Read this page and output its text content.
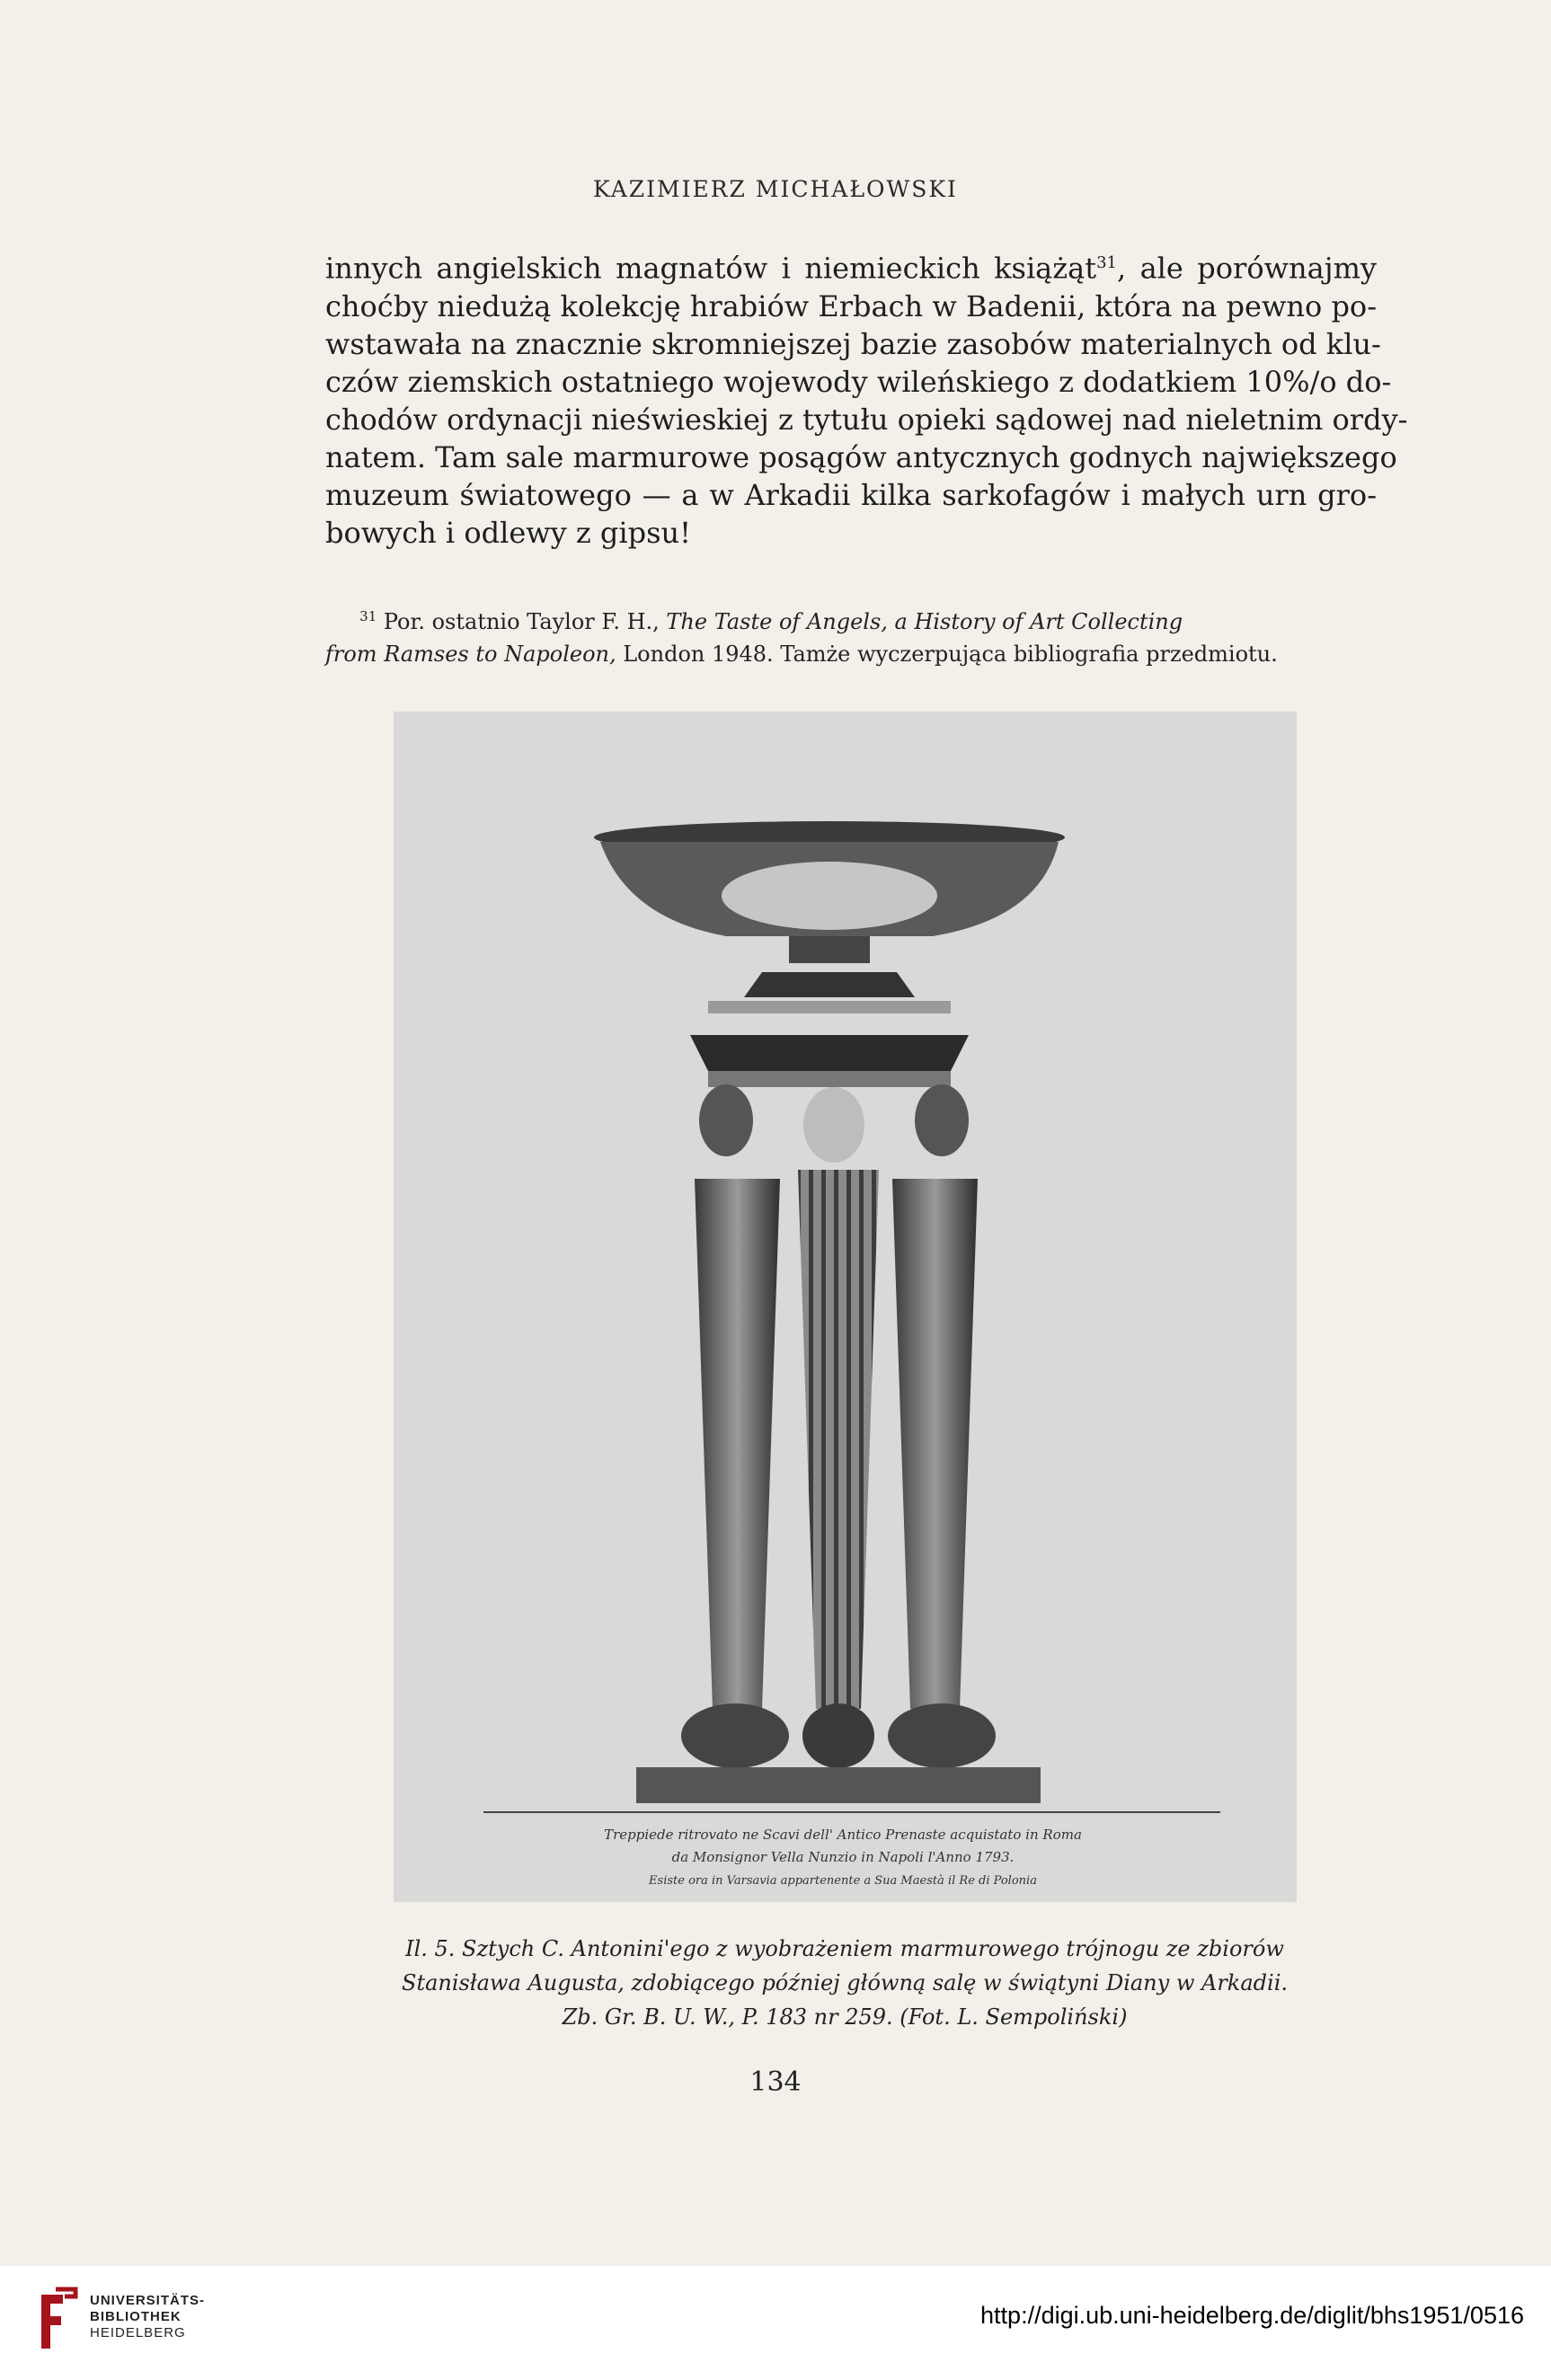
KAZIMIERZ MICHAŁOWSKI
innych angielskich magnatów i niemieckich książąt$^{31}$, ale porównajmy
choćby niedużą kolekcję hrabiów Erbach w Badenii, która na pewno po-
wstawała na znacznie skromniejszej bazie zasobów materialnych od klu-
czów ziemskich ostatniego wojewody wileńskiego z dodatkiem 10%/o do-
chodów ordynacji nieświeskiej z tytułu opieki sądowej nad nieletnim ordy-
natem. Tam sale marmurowe posągów antycznych godnych największego
muzeum światowego — a w Arkadii kilka sarkofagów i małych urn gro-
bowych i odlewy z gipsu!
$^{31}$ Por. ostatnio Taylor F. H., The Taste of Angels, a History of Art Collecting
from Ramses to Napoleon, London 1948. Tamże wyczerpująca bibliografia przedmiotu.
Treppiede ritrovato ne Scavi dell' Antico Prenaste acquistato in Roma
da Monsignor Vella Nunzio in Napoli l'Anno 1793.
Esiste ora in Varsavia appartenente a Sua Maestà il Re di Polonia
Il. 5. Sztych C. Antonini'ego z wyobrażeniem marmurowego trójnogu ze zbiorów
Stanisława Augusta, zdobiącego później główną salę w świątyni Diany w Arkadii.
Zb. Gr. B. U. W., P. 183 nr 259. (Fot. L. Sempoliński)
134
UNIVERSITÄTS-
BIBLIOTHEK
HEIDELBERG
http://digi.ub.uni-heidelberg.de/diglit/bhs1951/0516
